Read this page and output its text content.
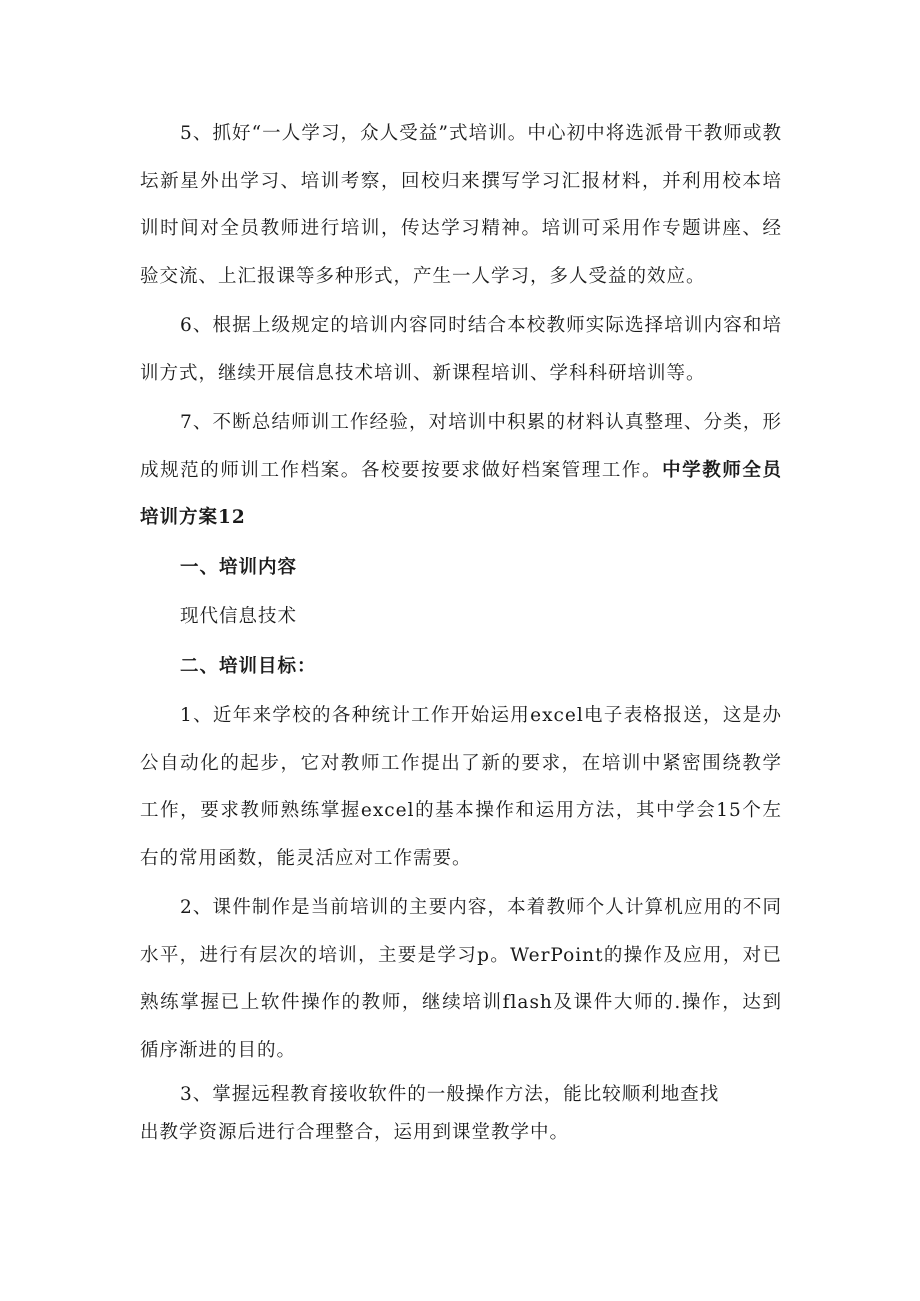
5、抓好“一人学习，众人受益”式培训。中心初中将选派骨干教师或教坛新星外出学习、培训考察，回校归来撰写学习汇报材料，并利用校本培训时间对全员教师进行培训，传达学习精神。培训可采用作专题讲座、经验交流、上汇报课等多种形式，产生一人学习，多人受益的效应。

6、根据上级规定的培训内容同时结合本校教师实际选择培训内容和培训方式，继续开展信息技术培训、新课程培训、学科科研培训等。

7、不断总结师训工作经验，对培训中积累的材料认真整理、分类，形成规范的师训工作档案。各校要按要求做好档案管理工作。中学教师全员培训方案12

一、培训内容

现代信息技术

二、培训目标：

1、近年来学校的各种统计工作开始运用excel电子表格报送，这是办公自动化的起步，它对教师工作提出了新的要求，在培训中紧密围绕教学工作，要求教师熟练掌握excel的基本操作和运用方法，其中学会15个左右的常用函数，能灵活应对工作需要。

2、课件制作是当前培训的主要内容，本着教师个人计算机应用的不同水平，进行有层次的培训，主要是学习p。WerPoint的操作及应用，对已熟练掌握已上软件操作的教师，继续培训flash及课件大师的.操作，达到循序渐进的目的。

3、掌握远程教育接收软件的一般操作方法，能比较顺利地查找

出教学资源后进行合理整合，运用到课堂教学中。
